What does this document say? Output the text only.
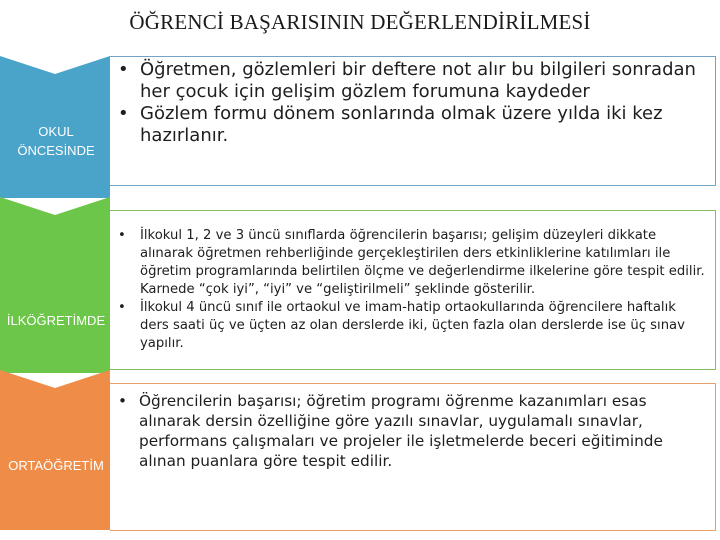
ÖĞRENCİ BAŞARISININ DEĞERLENDİRİLMESİ
OKUL
ÖNCESİNDE
• Öğretmen, gözlemleri bir deftere not alır bu bilgileri sonradan her çocuk için gelişim gözlem forumuna kaydeder
• Gözlem formu dönem sonlarında olmak üzere yılda iki kez hazırlanır.
İLKÖĞRETİMDE
• İlkokul 1, 2 ve 3 üncü sınıflarda öğrencilerin başarısı; gelişim düzeyleri dikkate alınarak öğretmen rehberliğinde gerçekleştirilen ders etkinliklerine katılımları ile öğretim programlarında belirtilen ölçme ve değerlendirme ilkelerine göre tespit edilir. Karnede “çok iyi”, “iyi” ve “geliştirilmeli” şeklinde gösterilir.
• İlkokul 4 üncü sınıf ile ortaokul ve imam-hatip ortaokullarında öğrencilere haftalık ders saati üç ve üçten az olan derslerde iki, üçten fazla olan derslerde ise üç sınav yapılır.
ORTAÖĞRETİM
• Öğrencilerin başarısı; öğretim programı öğrenme kazanımları esas alınarak dersin özelliğine göre yazılı sınavlar, uygulamalı sınavlar, performans çalışmaları ve projeler ile işletmelerde beceri eğitiminde alınan puanlara göre tespit edilir.
